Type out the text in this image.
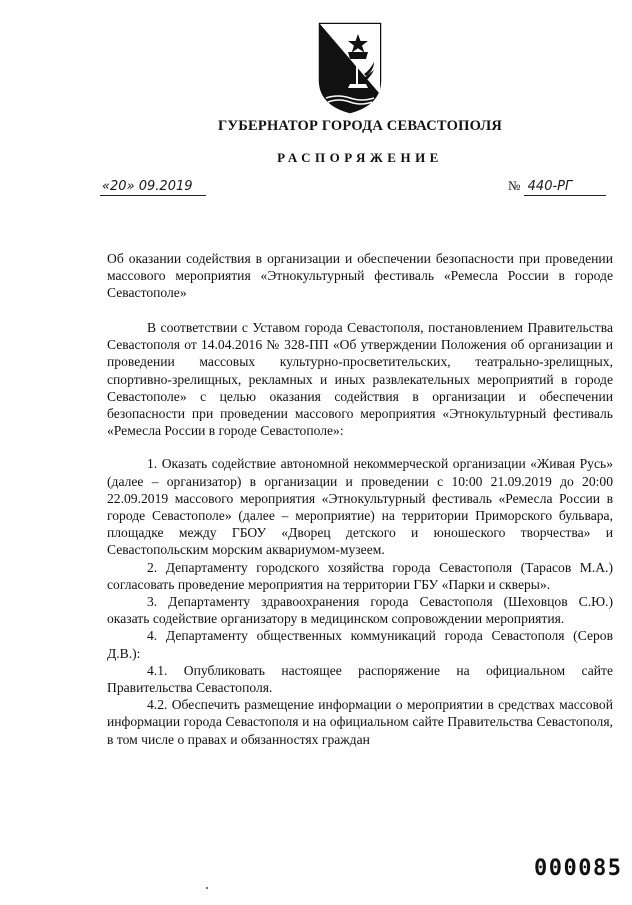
ГУБЕРНАТОР ГОРОДА СЕВАСТОПОЛЯ
РАСПОРЯЖЕНИЕ
«20» 09.2019	№ 440-РГ
Об оказании содействия в организации и обеспечении безопасности при проведении массового мероприятия «Этнокультурный фестиваль «Ремесла России в городе Севастополе»

В соответствии с Уставом города Севастополя, постановлением Правительства Севастополя от 14.04.2016 № 328-ПП «Об утверждении Положения об организации и проведении массовых культурно-просветительских, театрально-зрелищных, спортивно-зрелищных, рекламных и иных развлекательных мероприятий в городе Севастополе» с целью оказания содействия в организации и обеспечении безопасности при проведении массового мероприятия «Этнокультурный фестиваль «Ремесла России в городе Севастополе»:

1. Оказать содействие автономной некоммерческой организации «Живая Русь» (далее – организатор) в организации и проведении с 10:00 21.09.2019 до 20:00 22.09.2019 массового мероприятия «Этнокультурный фестиваль «Ремесла России в городе Севастополе» (далее – мероприятие) на территории Приморского бульвара, площадке между ГБОУ «Дворец детского и юношеского творчества» и Севастопольским морским аквариумом-музеем.

2. Департаменту городского хозяйства города Севастополя (Тарасов М.А.) согласовать проведение мероприятия на территории ГБУ «Парки и скверы».

3. Департаменту здравоохранения города Севастополя (Шеховцов С.Ю.) оказать содействие организатору в медицинском сопровождении мероприятия.

4. Департаменту общественных коммуникаций города Севастополя (Серов Д.В.):

4.1. Опубликовать настоящее распоряжение на официальном сайте Правительства Севастополя.

4.2. Обеспечить размещение информации о мероприятии в средствах массовой информации города Севастополя и на официальном сайте Правительства Севастополя, в том числе о правах и обязанностях граждан

000085
